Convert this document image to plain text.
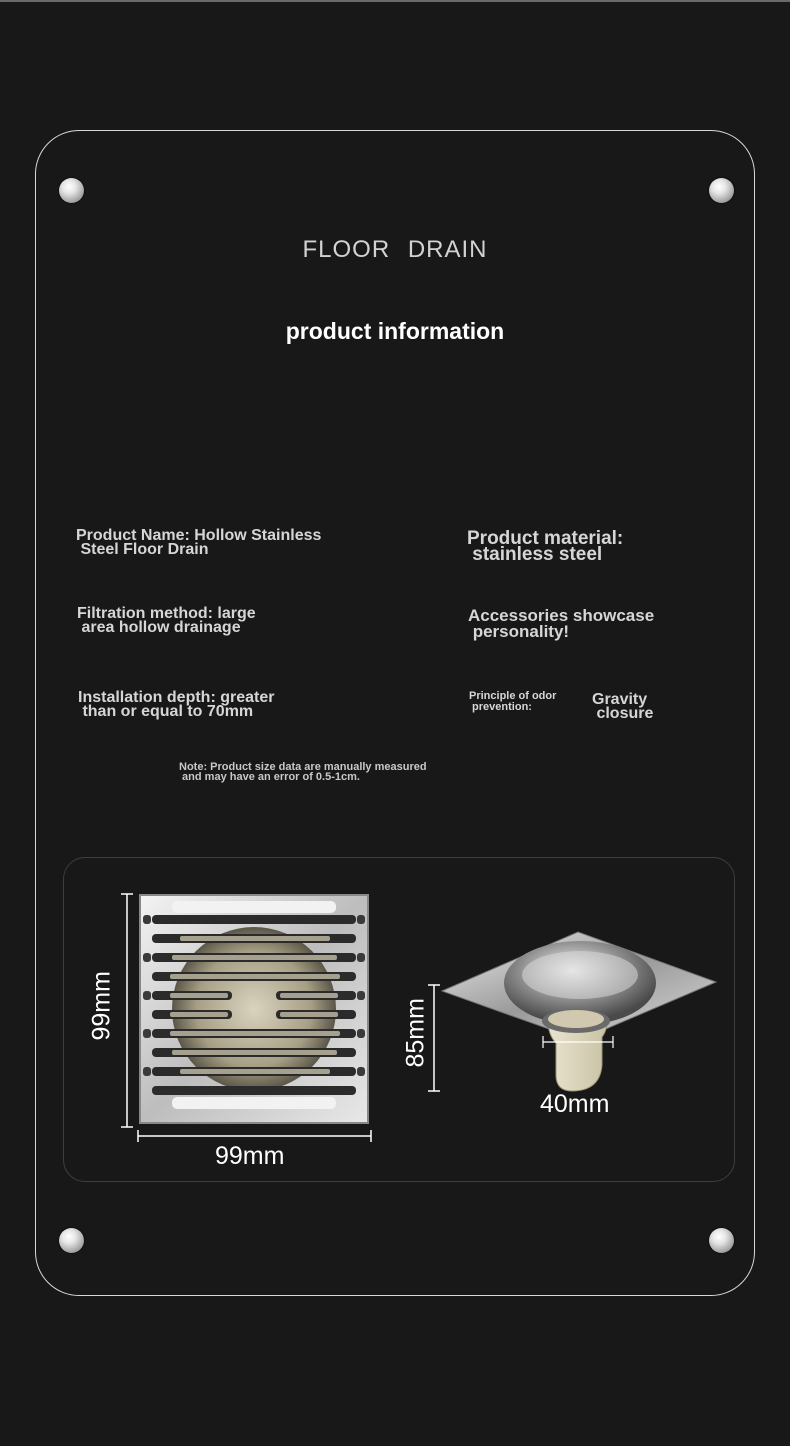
FLOOR DRAIN
product information
Product Name: Hollow Stainless
Steel Floor Drain
Product material:
stainless steel
Filtration method: large
area hollow drainage
Accessories showcase
personality!
Installation depth: greater
than or equal to 70mm
Principle of odor
prevention:	Gravity
closure
Note: Product size data are manually measured
and may have an error of 0.5-1cm.
99mm
99mm
85mm
40mm
